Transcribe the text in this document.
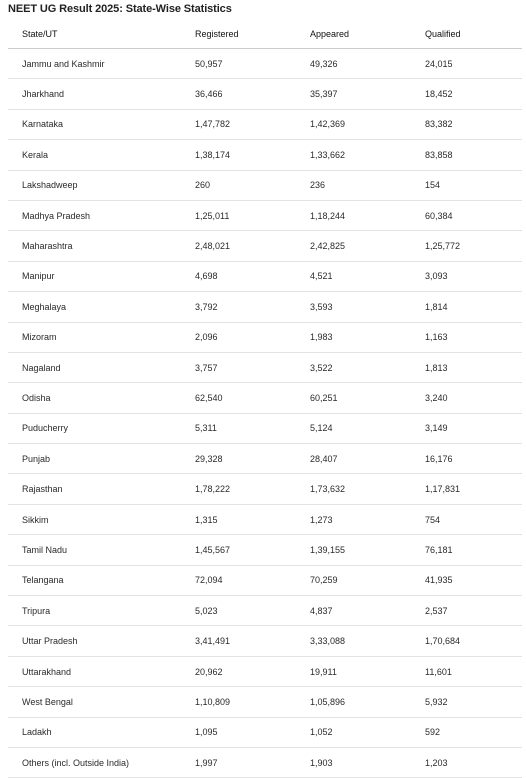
NEET UG Result 2025: State-Wise Statistics
State/UT	Registered	Appeared	Qualified
Jammu and Kashmir	50,957	49,326	24,015
Jharkhand	36,466	35,397	18,452
Karnataka	1,47,782	1,42,369	83,382
Kerala	1,38,174	1,33,662	83,858
Lakshadweep	260	236	154
Madhya Pradesh	1,25,011	1,18,244	60,384
Maharashtra	2,48,021	2,42,825	1,25,772
Manipur	4,698	4,521	3,093
Meghalaya	3,792	3,593	1,814
Mizoram	2,096	1,983	1,163
Nagaland	3,757	3,522	1,813
Odisha	62,540	60,251	3,240
Puducherry	5,311	5,124	3,149
Punjab	29,328	28,407	16,176
Rajasthan	1,78,222	1,73,632	1,17,831
Sikkim	1,315	1,273	754
Tamil Nadu	1,45,567	1,39,155	76,181
Telangana	72,094	70,259	41,935
Tripura	5,023	4,837	2,537
Uttar Pradesh	3,41,491	3,33,088	1,70,684
Uttarakhand	20,962	19,911	11,601
West Bengal	1,10,809	1,05,896	5,932
Ladakh	1,095	1,052	592
Others (incl. Outside India)	1,997	1,903	1,203
